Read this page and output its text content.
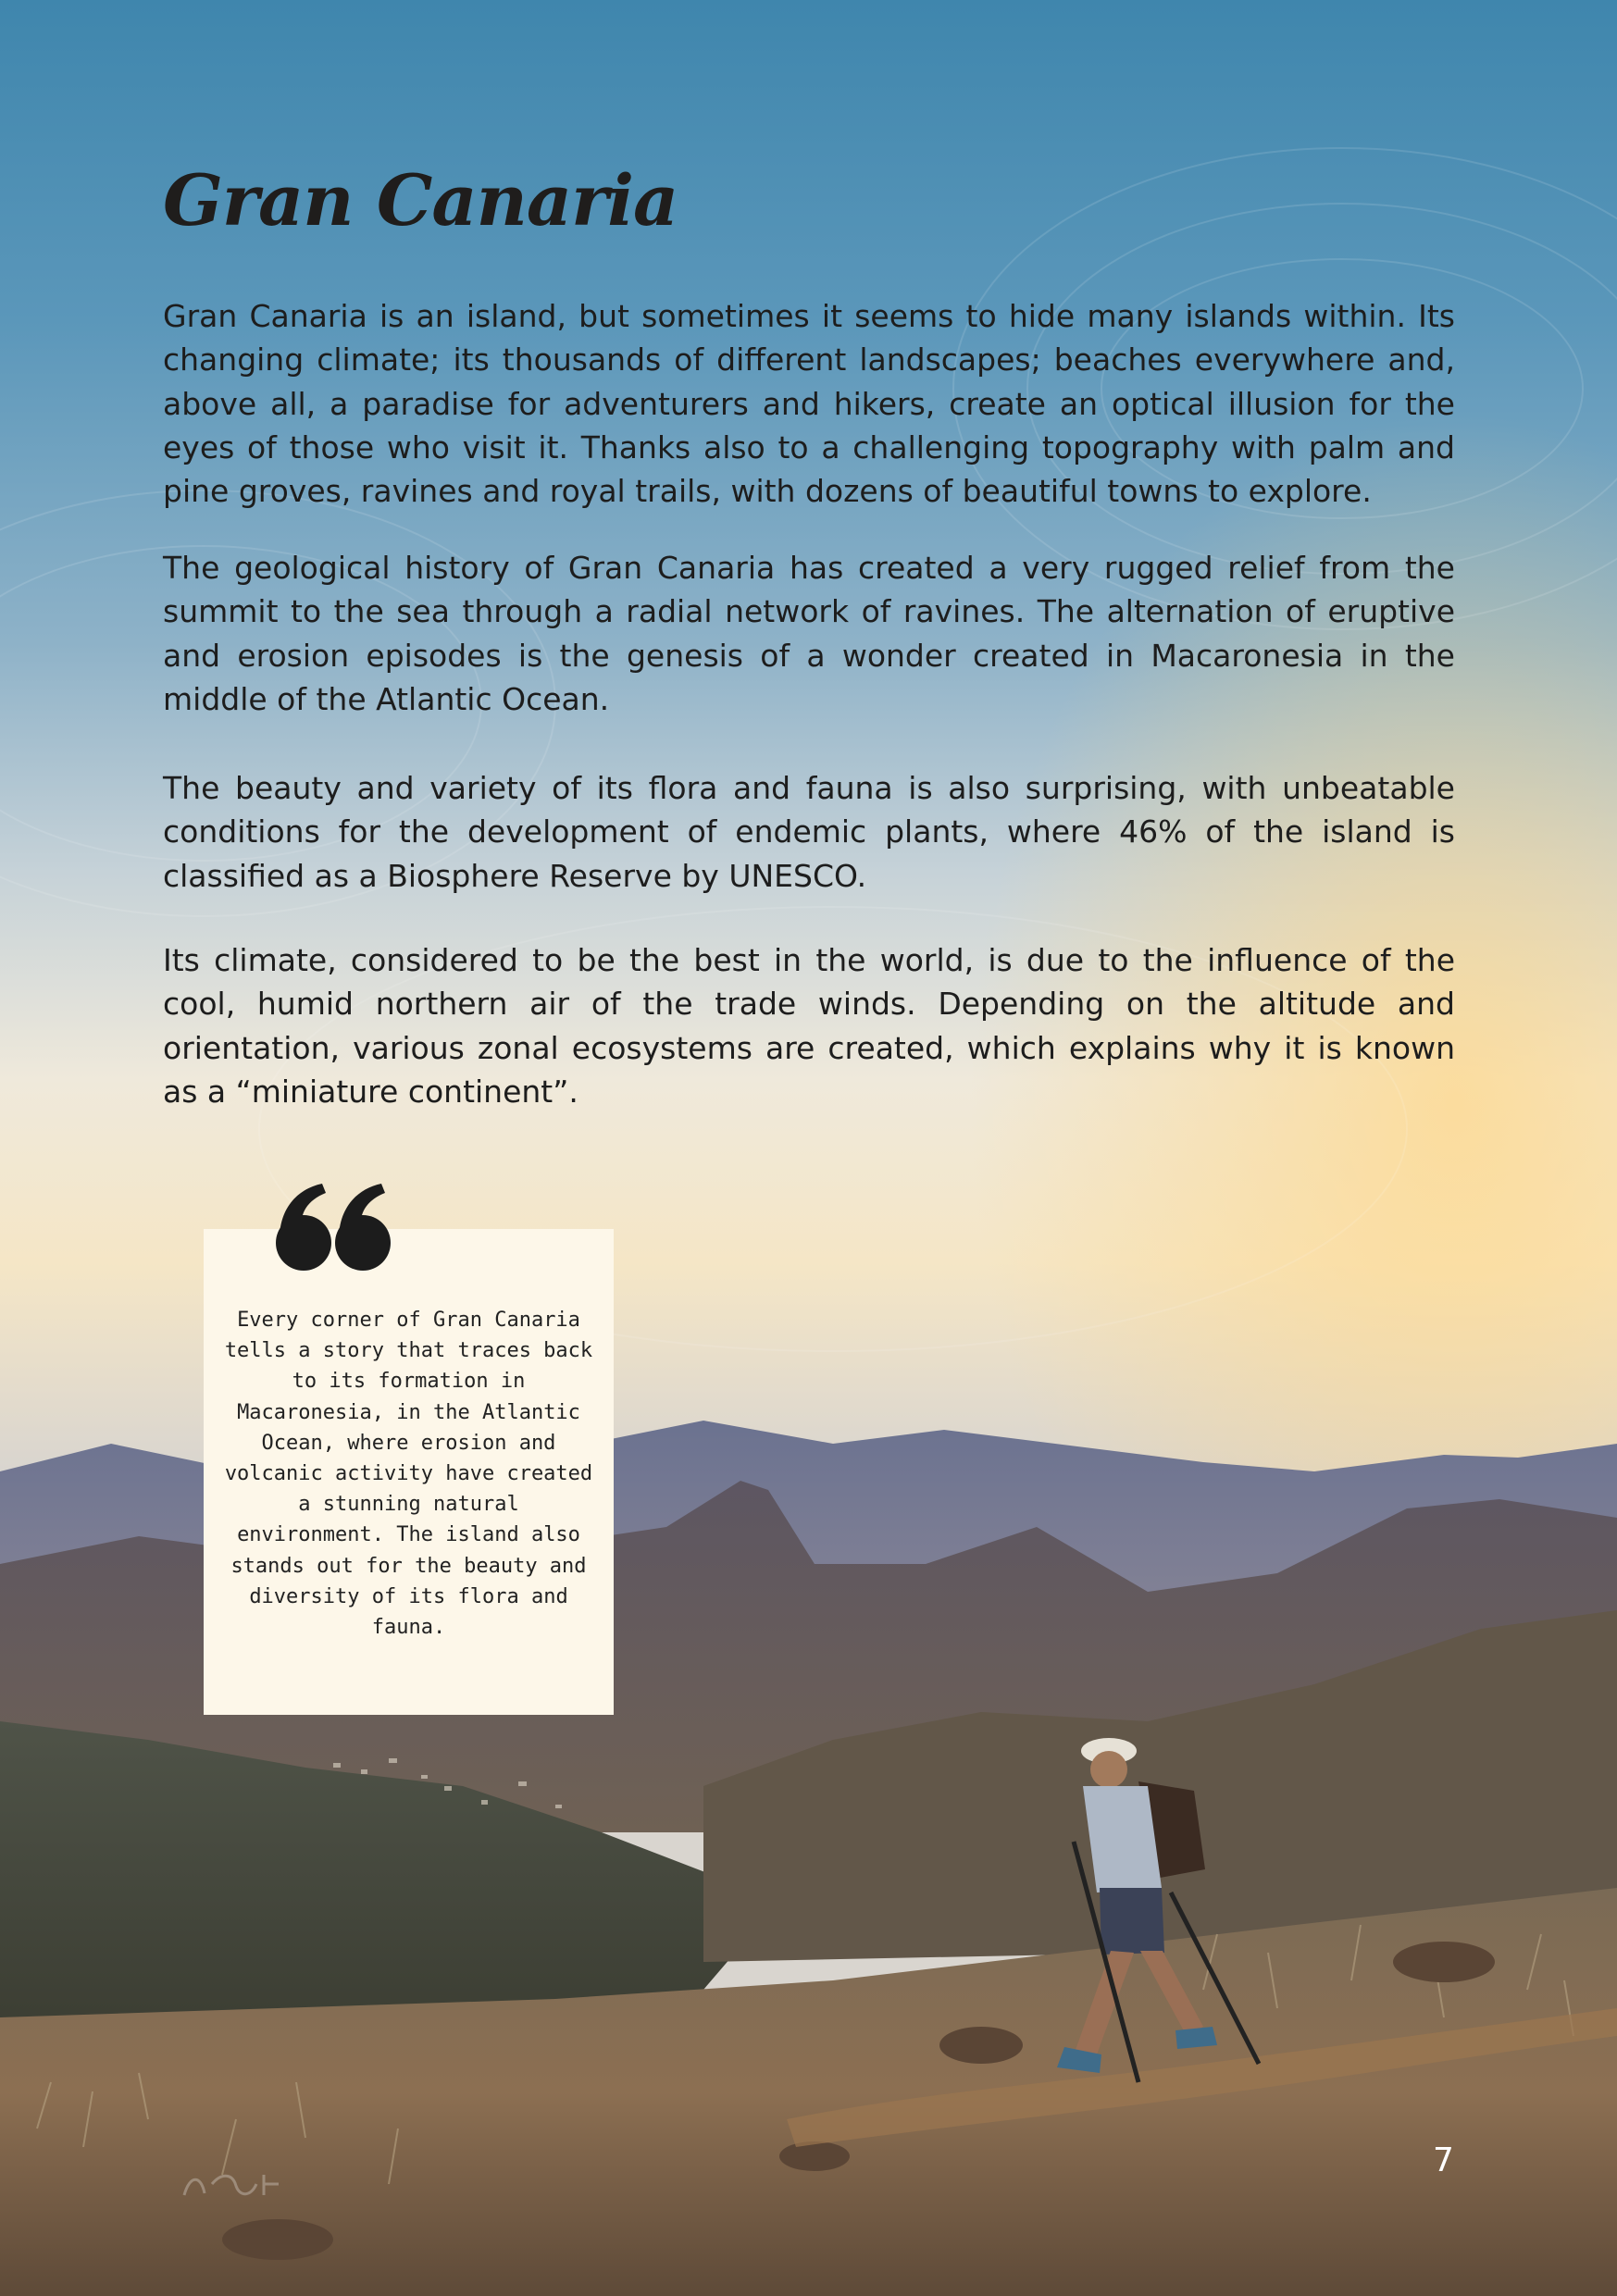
Gran Canaria

Gran Canaria is an island, but sometimes it seems to hide many islands within. Its changing climate; its thousands of different landscapes; beaches everywhere and, above all, a paradise for adventurers and hikers, create an optical illusion for the eyes of those who visit it. Thanks also to a challenging topography with palm and pine groves, ravines and royal trails, with dozens of beautiful towns to explore.

The geological history of Gran Canaria has created a very rugged relief from the summit to the sea through a radial network of ravines. The alternation of eruptive and erosion episodes is the genesis of a wonder created in Macaronesia in the middle of the Atlantic Ocean.

The beauty and variety of its flora and fauna is also surprising, with unbeatable conditions for the development of endemic plants, where 46% of the island is classified as a Biosphere Reserve by UNESCO.

Its climate, considered to be the best in the world, is due to the influence of the cool, humid northern air of the trade winds. Depending on the altitude and orientation, various zonal ecosystems are created, which explains why it is known as a “miniature continent”.

Every corner of Gran Canaria tells a story that traces back to its formation in Macaronesia, in the Atlantic Ocean, where erosion and volcanic activity have created a stunning natural environment. The island also stands out for the beauty and diversity of its flora and fauna.

7
